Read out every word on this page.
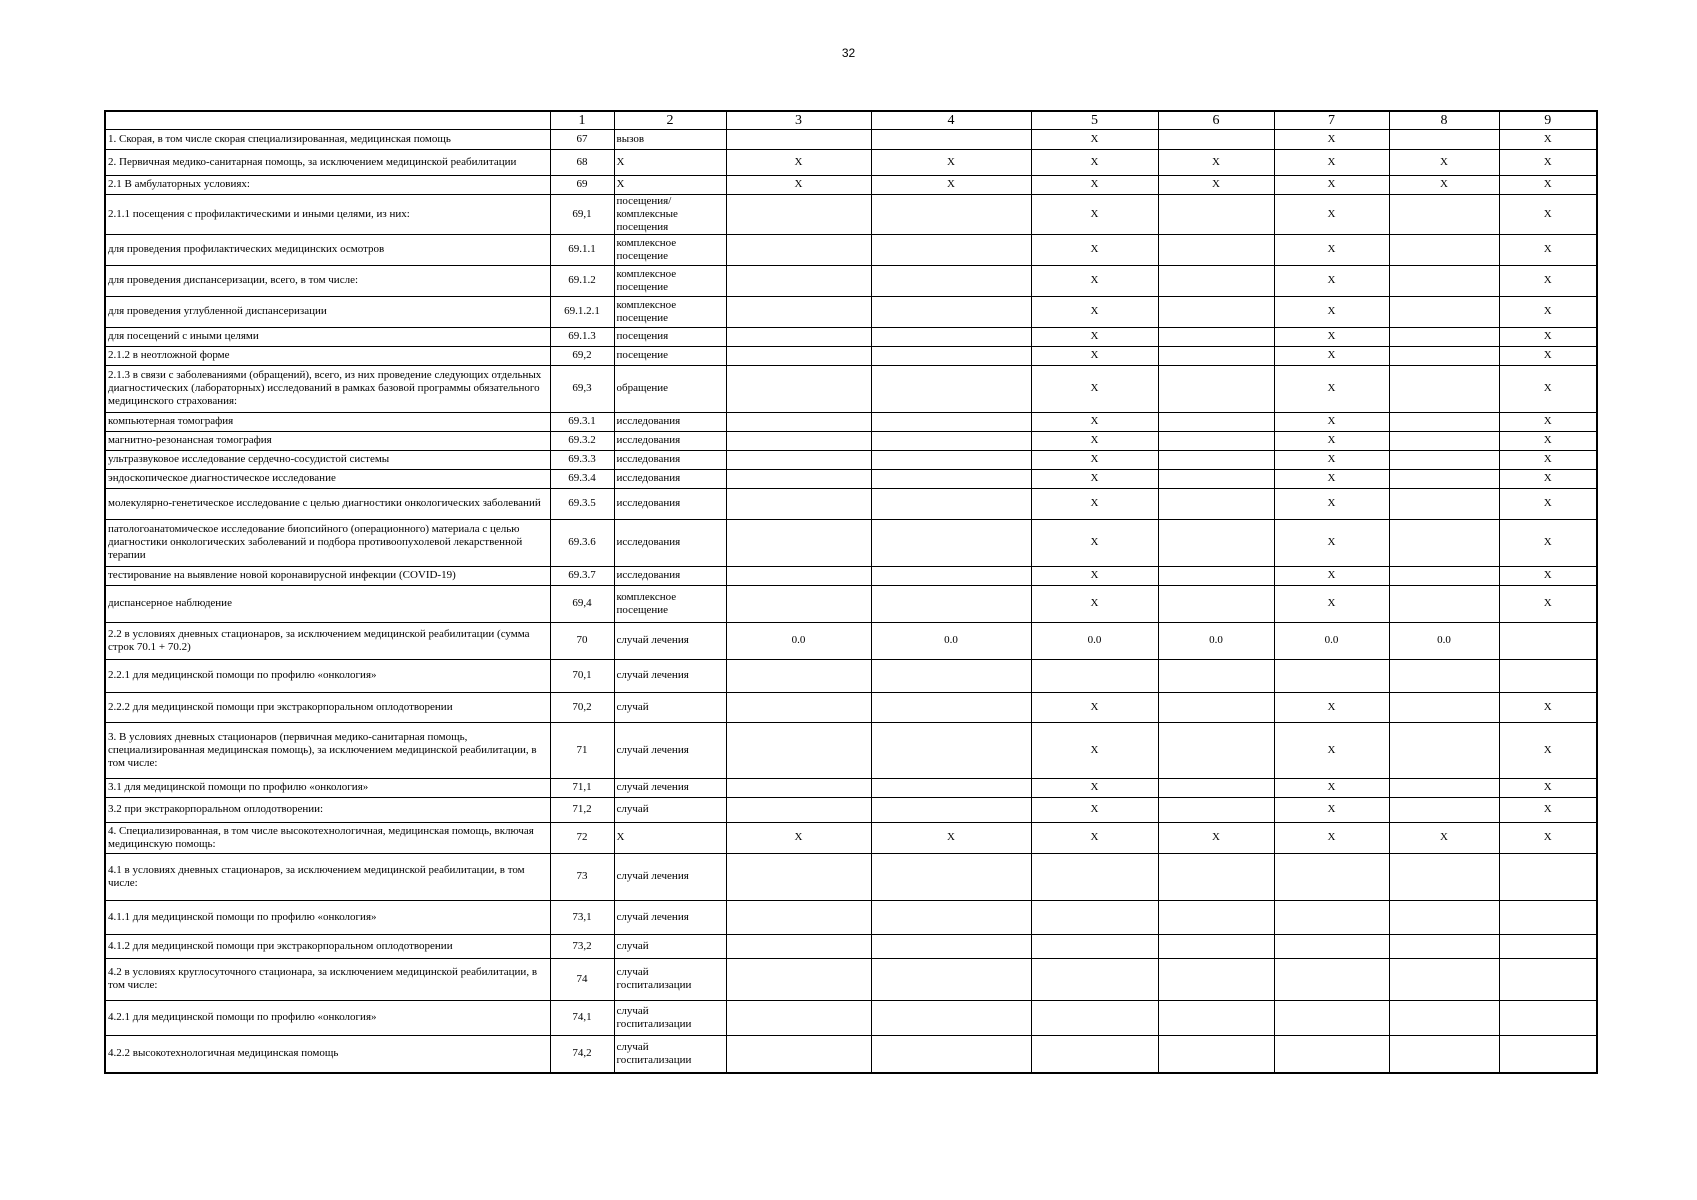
32
	1	2	3	4	5	6	7	8	9
1. Скорая, в том числе скорая специализированная, медицинская помощь	67	вызов			X		X		X
2. Первичная медико-санитарная помощь, за исключением медицинской реабилитации	68	X	X	X	X	X	X	X	X
2.1 В амбулаторных условиях:	69	X	X	X	X	X	X	X	X
2.1.1 посещения с профилактическими и иными целями, из них:	69,1	посещения/комплексные посещения			X		X		X
для проведения профилактических медицинских осмотров	69.1.1	комплексное посещение			X		X		X
для проведения диспансеризации, всего, в том числе:	69.1.2	комплексное посещение			X		X		X
для проведения углубленной диспансеризации	69.1.2.1	комплексное посещение			X		X		X
для посещений с иными целями	69.1.3	посещения			X		X		X
2.1.2 в неотложной форме	69,2	посещение			X		X		X
2.1.3 в связи с заболеваниями (обращений), всего, из них проведение следующих отдельных диагностических (лабораторных) исследований в рамках базовой программы обязательного медицинского страхования:	69,3	обращение			X		X		X
компьютерная томография	69.3.1	исследования			X		X		X
магнитно-резонансная томография	69.3.2	исследования			X		X		X
ультразвуковое исследование сердечно-сосудистой системы	69.3.3	исследования			X		X		X
эндоскопическое диагностическое исследование	69.3.4	исследования			X		X		X
молекулярно-генетическое исследование с целью диагностики онкологических заболеваний	69.3.5	исследования			X		X		X
патологоанатомическое исследование биопсийного (операционного) материала с целью диагностики онкологических заболеваний и подбора противоопухолевой лекарственной терапии	69.3.6	исследования			X		X		X
тестирование на выявление новой коронавирусной инфекции (COVID-19)	69.3.7	исследования			X		X		X
диспансерное наблюдение	69,4	комплексное посещение			X		X		X
2.2 в условиях дневных стационаров, за исключением медицинской реабилитации (сумма строк 70.1 + 70.2)	70	случай лечения	0.0	0.0	0.0	0.0	0.0	0.0	
2.2.1 для медицинской помощи по профилю «онкология»	70,1	случай лечения							
2.2.2 для медицинской помощи при экстракорпоральном оплодотворении	70,2	случай			X		X		X
3. В условиях дневных стационаров (первичная медико-санитарная помощь, специализированная медицинская помощь), за исключением медицинской реабилитации, в том числе:	71	случай лечения			X		X		X
3.1 для медицинской помощи по профилю «онкология»	71,1	случай лечения			X		X		X
3.2 при экстракорпоральном оплодотворении:	71,2	случай			X		X		X
4. Специализированная, в том числе высокотехнологичная, медицинская помощь, включая медицинскую помощь:	72	X	X	X	X	X	X	X	X
4.1 в условиях дневных стационаров, за исключением медицинской реабилитации, в том числе:	73	случай лечения							
4.1.1 для медицинской помощи по профилю «онкология»	73,1	случай лечения							
4.1.2 для медицинской помощи при экстракорпоральном оплодотворении	73,2	случай							
4.2 в условиях круглосуточного стационара, за исключением медицинской реабилитации, в том числе:	74	случай госпитализации							
4.2.1 для медицинской помощи по профилю «онкология»	74,1	случай госпитализации							
4.2.2 высокотехнологичная медицинская помощь	74,2	случай госпитализации							
